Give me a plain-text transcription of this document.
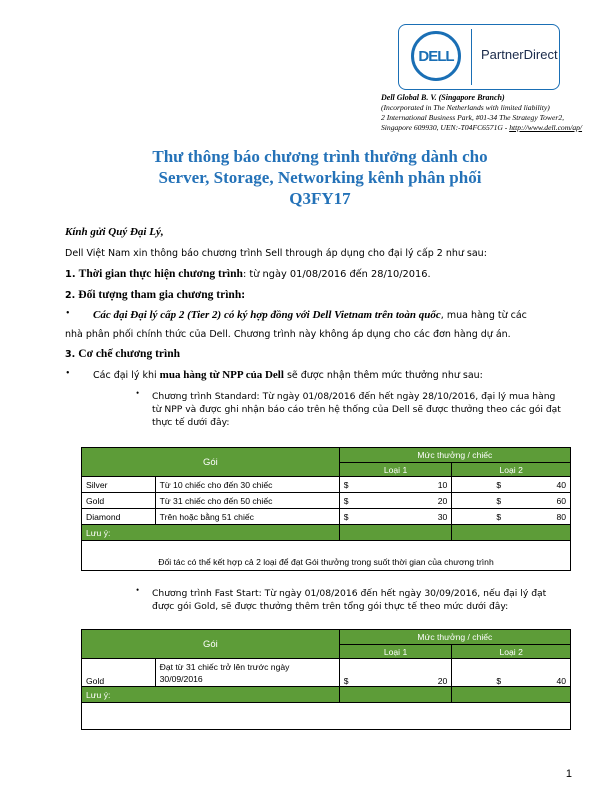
DELL PartnerDirect
Dell Global B. V. (Singapore Branch)
(Incorporated in The Netherlands with limited liability)
2 International Business Park, #01-34 The Strategy Tower2,
Singapore 609930, UEN:-T04FC6571G - http://www.dell.com/ap/
Thư thông báo chương trình thưởng dành cho
Server, Storage, Networking kênh phân phối
Q3FY17
Kính gửi Quý Đại Lý,
Dell Việt Nam xin thông báo chương trình Sell through áp dụng cho đại lý cấp 2 như sau:
1. Thời gian thực hiện chương trình: từ ngày 01/08/2016 đến 28/10/2016.
2. Đối tượng tham gia chương trình:
• Các đại Đại lý cấp 2 (Tier 2) có ký hợp đồng với Dell Vietnam trên toàn quốc, mua hàng từ các
nhà phân phối chính thức của Dell. Chương trình này không áp dụng cho các đơn hàng dự án.
3. Cơ chế chương trình
• Các đại lý khi mua hàng từ NPP của Dell sẽ được nhận thêm mức thưởng như sau:
• Chương trình Standard: Từ ngày 01/08/2016 đến hết ngày 28/10/2016, đại lý mua hàng
từ NPP và được ghi nhận báo cáo trên hệ thống của Dell sẽ được thưởng theo các gói đạt
thực tế dưới đây:
Gói		Mức thưởng / chiếc			
		Loại 1		Loại 2	
Silver	Từ 10 chiếc cho đến 30 chiếc	$	10	$	40
Gold	Từ 31 chiếc cho đến 50 chiếc	$	20	$	60
Diamond	Trên hoặc bằng 51 chiếc	$	30	$	80
Lưu ý:					
Đối tác có thể kết hợp cả 2 loại để đạt Gói thưởng trong suốt thời gian của chương trình					
• Chương trình Fast Start: Từ ngày 01/08/2016 đến hết ngày 30/09/2016, nếu đại lý đạt
được gói Gold, sẽ được thưởng thêm trên tổng gói thực tế theo mức dưới đây:
Gói		Mức thưởng / chiếc			
		Loại 1		Loại 2	
Gold	Đạt từ 31 chiếc trở lên trước ngày
30/09/2016	$	20	$	40
Lưu ý:					

1
